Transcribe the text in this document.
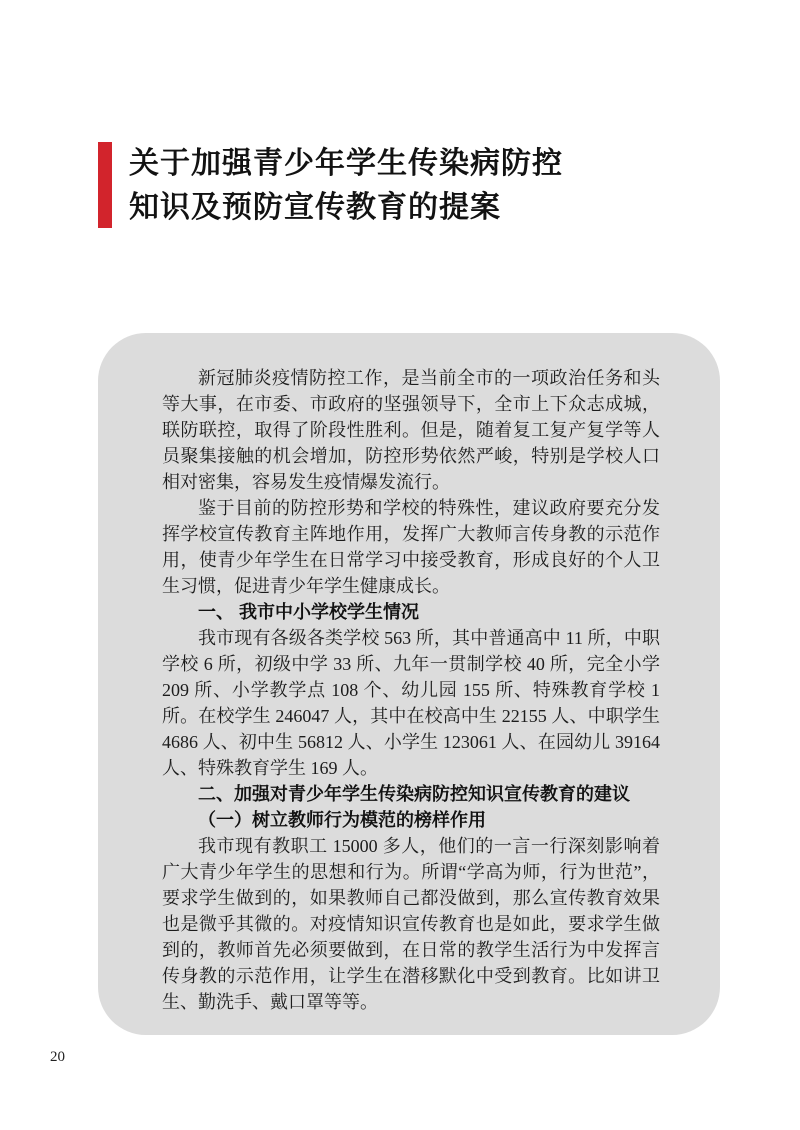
关于加强青少年学生传染病防控
知识及预防宣传教育的提案

新冠肺炎疫情防控工作，是当前全市的一项政治任务和头等大事，在市委、市政府的坚强领导下，全市上下众志成城，联防联控，取得了阶段性胜利。但是，随着复工复产复学等人员聚集接触的机会增加，防控形势依然严峻，特别是学校人口相对密集，容易发生疫情爆发流行。

鉴于目前的防控形势和学校的特殊性，建议政府要充分发挥学校宣传教育主阵地作用，发挥广大教师言传身教的示范作用，使青少年学生在日常学习中接受教育，形成良好的个人卫生习惯，促进青少年学生健康成长。

一、 我市中小学校学生情况

我市现有各级各类学校 563 所，其中普通高中 11 所，中职学校 6 所，初级中学 33 所、九年一贯制学校 40 所，完全小学 209 所、小学教学点 108 个、幼儿园 155 所、特殊教育学校 1 所。在校学生 246047 人，其中在校高中生 22155 人、中职学生 4686 人、初中生 56812 人、小学生 123061 人、在园幼儿 39164 人、特殊教育学生 169 人。

二、加强对青少年学生传染病防控知识宣传教育的建议

（一）树立教师行为模范的榜样作用

我市现有教职工 15000 多人，他们的一言一行深刻影响着广大青少年学生的思想和行为。所谓“学高为师，行为世范”，要求学生做到的，如果教师自己都没做到，那么宣传教育效果也是微乎其微的。对疫情知识宣传教育也是如此，要求学生做到的，教师首先必须要做到，在日常的教学生活行为中发挥言传身教的示范作用，让学生在潜移默化中受到教育。比如讲卫生、勤洗手、戴口罩等等。

20
